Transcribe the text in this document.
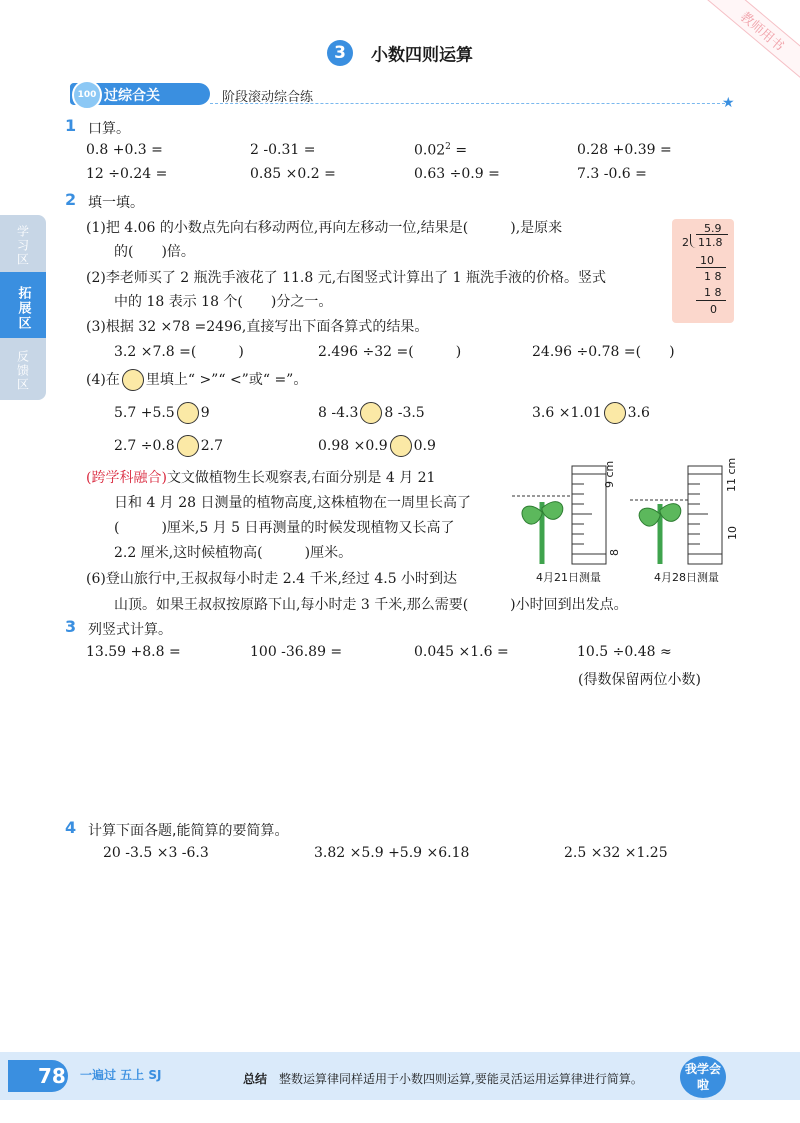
教师用书
3 小数四则运算
100 过综合关	阶段滚动综合练	★
学习区
拓展区
反馈区
1 口算。
0.8 +0.3 =	2 -0.31 =	$0.02^2$ =	0.28 +0.39 =
12 ÷0.24 =	0.85 ×0.2 =	0.63 ÷0.9 =	7.3 -0.6 =
2 填一填。
(1)把 4.06 的小数点先向右移动两位,再向左移动一位,结果是(　　　),是原来
的(　　)倍。
(2)李老师买了 2 瓶洗手液花了 11.8 元,右图竖式计算出了 1 瓶洗手液的价格。竖式
中的 18 表示 18 个(　　)分之一。
5.9
2 11.8
10
1 8
1 8
0
(3)根据 32 ×78 =2496,直接写出下面各算式的结果。
3.2 ×7.8 =(　　　)	2.496 ÷32 =(　　　)	24.96 ÷0.78 =(　　)
(4)在 里填上“ >”“ <”或“ =”。
5.7 +5.5 9	8 -4.3 8 -3.5	3.6 ×1.01 3.6
2.7 ÷0.8 2.7	0.98 ×0.9 0.9
(跨学科融合)文文做植物生长观察表,右面分别是 4 月 21
日和 4 月 28 日测量的植物高度,这株植物在一周里长高了
(　　　)厘米,5 月 5 日再测量的时候发现植物又长高了
2.2 厘米,这时候植物高(　　　)厘米。
9 cm
8
11 cm
10
4月21日测量	4月28日测量
(6)登山旅行中,王叔叔每小时走 2.4 千米,经过 4.5 小时到达
山顶。如果王叔叔按原路下山,每小时走 3 千米,那么需要(　　　)小时回到出发点。
3 列竖式计算。
13.59 +8.8 =	100 -36.89 =	0.045 ×1.6 =	10.5 ÷0.48 ≈
(得数保留两位小数)
4 计算下面各题,能简算的要简算。
20 -3.5 ×3 -6.3	3.82 ×5.9 +5.9 ×6.18	2.5 ×32 ×1.25
78 一遍过 五上 SJ	总结　 整数运算律同样适用于小数四则运算,要能灵活运用运算律进行简算。
我学会啦
